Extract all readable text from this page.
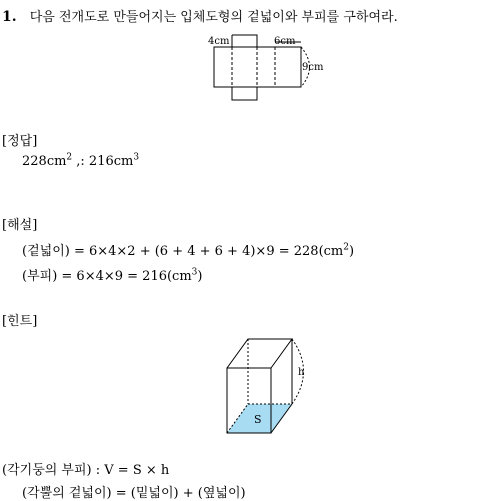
1. 다음 전개도로 만들어지는 입체도형의 겉넓이와 부피를 구하여라.
4cm	6cm
9cm
[정답]
$228cm^2$ ,: $216cm^3$
[해설]
(겉넓이) = $6\times 4\times 2 + (6 + 4 + 6 + 4)\times 9 = 228(cm^2)$
(부피) = $6\times 4\times 9 = 216(cm^3)$
[힌트]
S
h
(각기둥의 부피) : V = S × h
(각뿔의 겉넓이) = (밑넓이) + (옆넓이)
